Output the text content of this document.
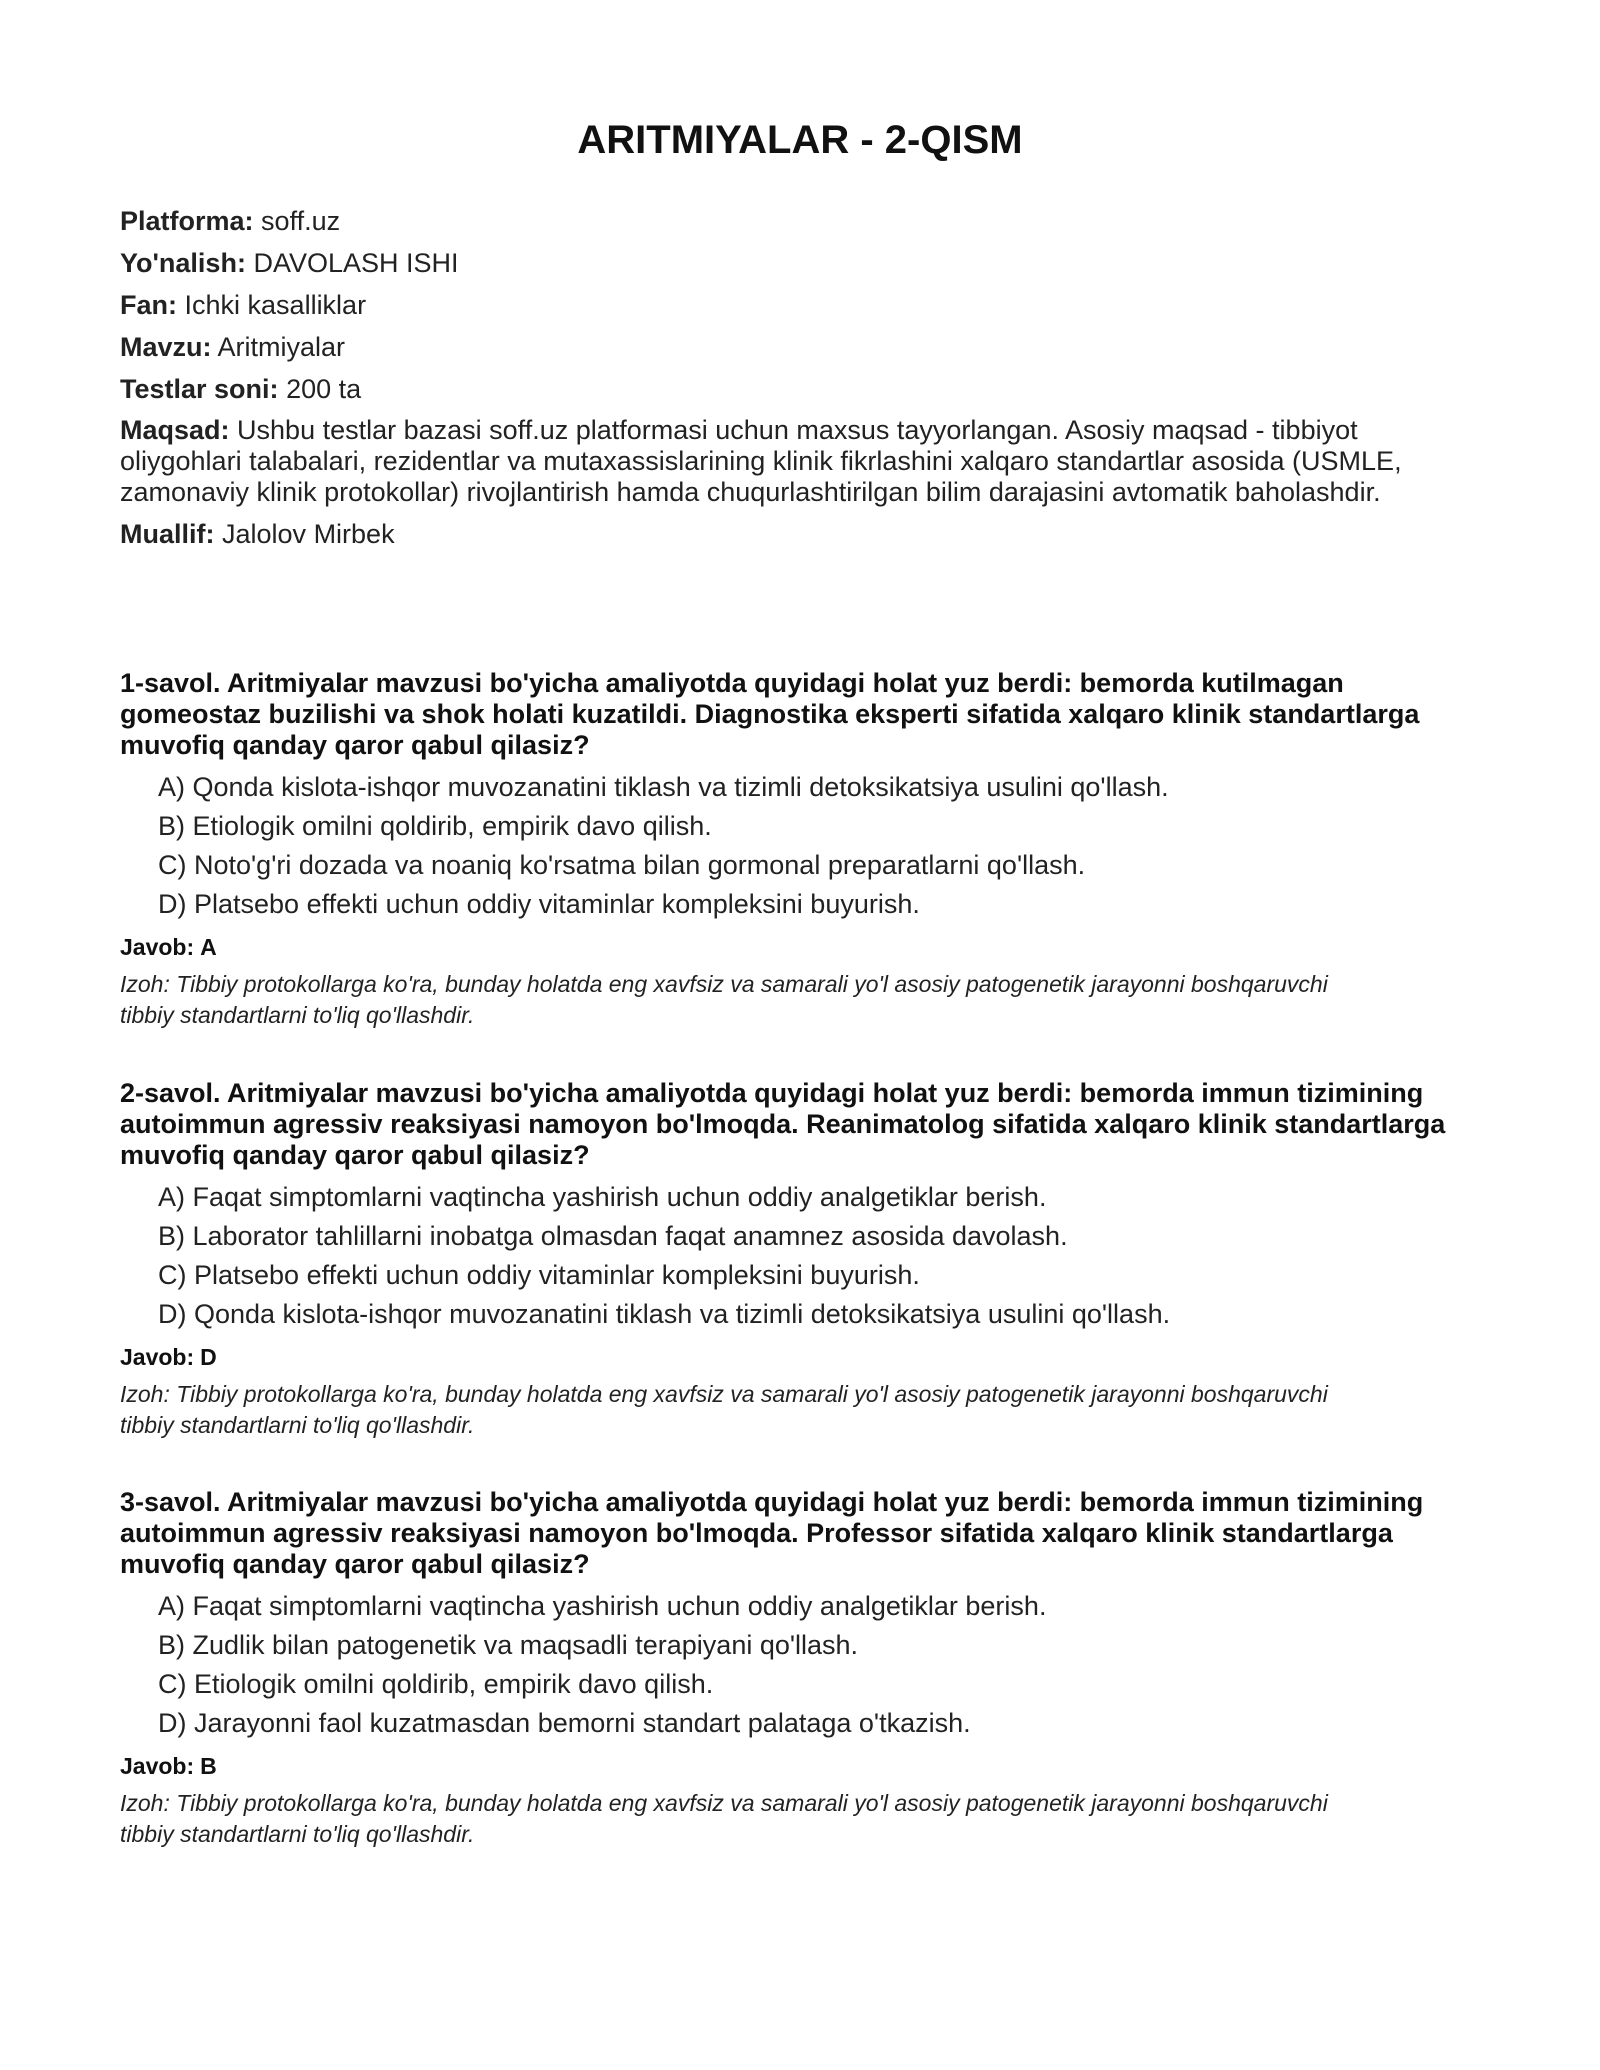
ARITMIYALAR - 2-QISM

Platforma: soff.uz

Yo'nalish: DAVOLASH ISHI

Fan: Ichki kasalliklar

Mavzu: Aritmiyalar

Testlar soni: 200 ta

Maqsad: Ushbu testlar bazasi soff.uz platformasi uchun maxsus tayyorlangan. Asosiy maqsad - tibbiyot oliygohlari talabalari, rezidentlar va mutaxassislarining klinik fikrlashini xalqaro standartlar asosida (USMLE, zamonaviy klinik protokollar) rivojlantirish hamda chuqurlashtirilgan bilim darajasini avtomatik baholashdir.

Muallif: Jalolov Mirbek

1-savol. Aritmiyalar mavzusi bo'yicha amaliyotda quyidagi holat yuz berdi: bemorda kutilmagan gomeostaz buzilishi va shok holati kuzatildi. Diagnostika eksperti sifatida xalqaro klinik standartlarga muvofiq qanday qaror qabul qilasiz?

A) Qonda kislota-ishqor muvozanatini tiklash va tizimli detoksikatsiya usulini qo'llash.
B) Etiologik omilni qoldirib, empirik davo qilish.
C) Noto'g'ri dozada va noaniq ko'rsatma bilan gormonal preparatlarni qo'llash.
D) Platsebo effekti uchun oddiy vitaminlar kompleksini buyurish.

Javob: A

Izoh: Tibbiy protokollarga ko'ra, bunday holatda eng xavfsiz va samarali yo'l asosiy patogenetik jarayonni boshqaruvchi tibbiy standartlarni to'liq qo'llashdir.

2-savol. Aritmiyalar mavzusi bo'yicha amaliyotda quyidagi holat yuz berdi: bemorda immun tizimining autoimmun agressiv reaksiyasi namoyon bo'lmoqda. Reanimatolog sifatida xalqaro klinik standartlarga muvofiq qanday qaror qabul qilasiz?

A) Faqat simptomlarni vaqtincha yashirish uchun oddiy analgetiklar berish.
B) Laborator tahlillarni inobatga olmasdan faqat anamnez asosida davolash.
C) Platsebo effekti uchun oddiy vitaminlar kompleksini buyurish.
D) Qonda kislota-ishqor muvozanatini tiklash va tizimli detoksikatsiya usulini qo'llash.

Javob: D

Izoh: Tibbiy protokollarga ko'ra, bunday holatda eng xavfsiz va samarali yo'l asosiy patogenetik jarayonni boshqaruvchi tibbiy standartlarni to'liq qo'llashdir.

3-savol. Aritmiyalar mavzusi bo'yicha amaliyotda quyidagi holat yuz berdi: bemorda immun tizimining autoimmun agressiv reaksiyasi namoyon bo'lmoqda. Professor sifatida xalqaro klinik standartlarga muvofiq qanday qaror qabul qilasiz?

A) Faqat simptomlarni vaqtincha yashirish uchun oddiy analgetiklar berish.
B) Zudlik bilan patogenetik va maqsadli terapiyani qo'llash.
C) Etiologik omilni qoldirib, empirik davo qilish.
D) Jarayonni faol kuzatmasdan bemorni standart palataga o'tkazish.

Javob: B

Izoh: Tibbiy protokollarga ko'ra, bunday holatda eng xavfsiz va samarali yo'l asosiy patogenetik jarayonni boshqaruvchi tibbiy standartlarni to'liq qo'llashdir.
